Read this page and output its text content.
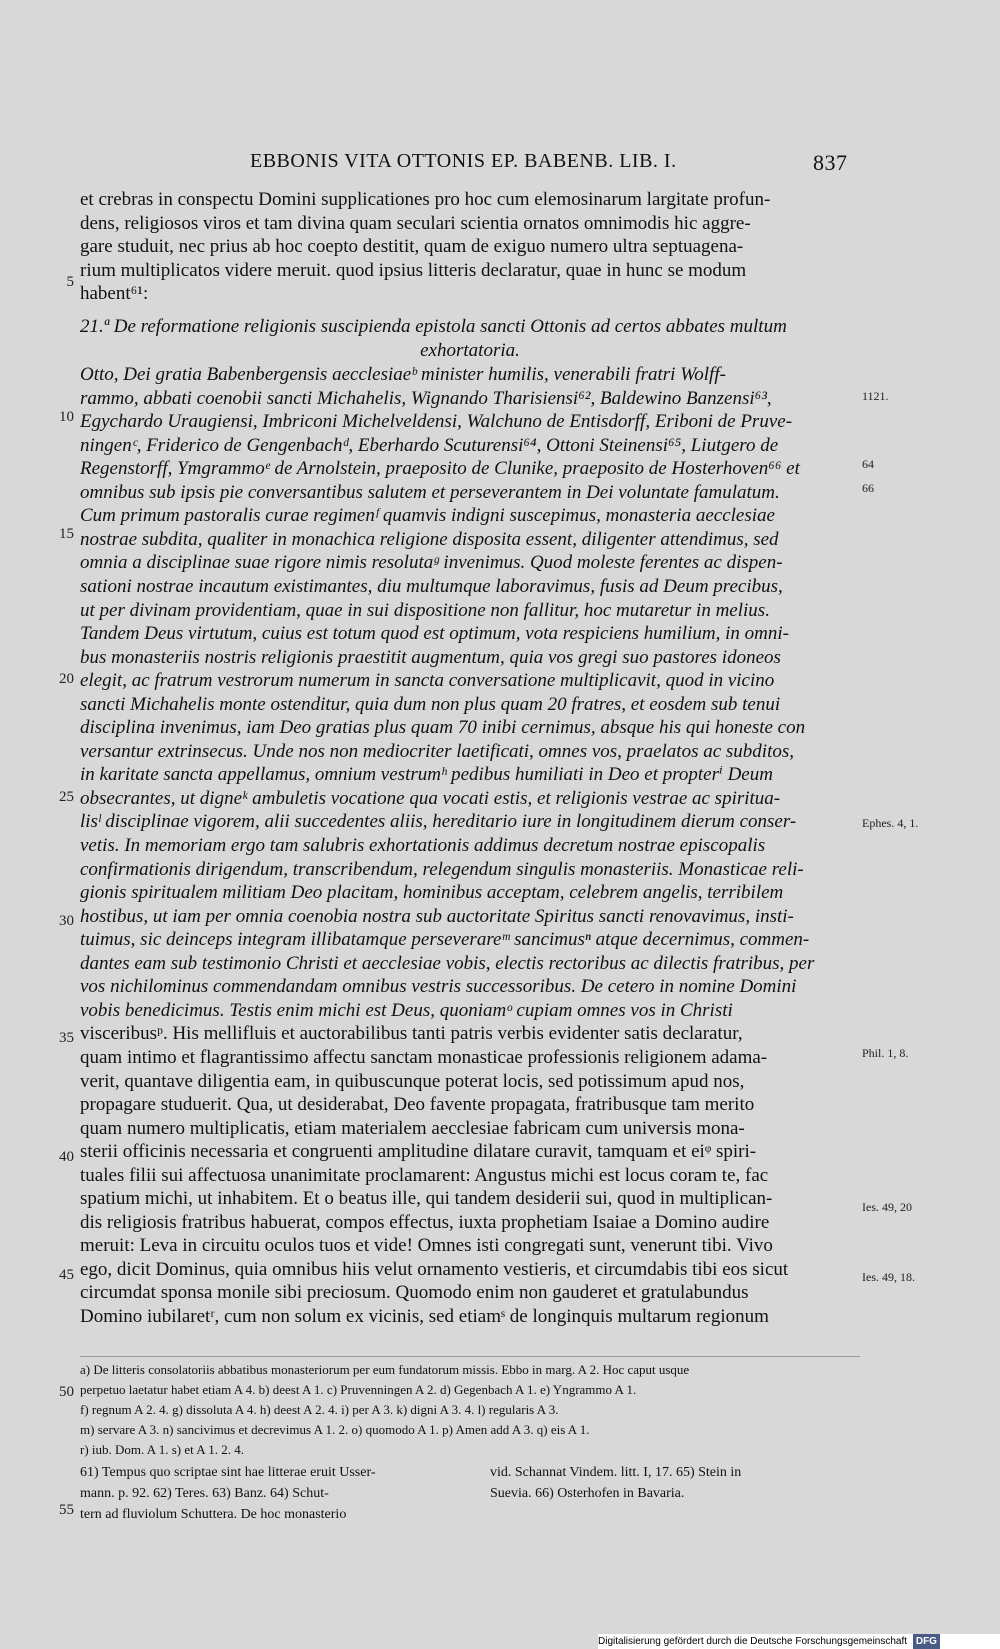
EBBONIS VITA OTTONIS EP. BABENB. LIB. I.	837
et crebras in conspectu Domini supplicationes pro hoc cum elemosinarum largitate profun-
dens, religiosos viros et tam divina quam seculari scientia ornatos omnimodis hic aggre-
gare studuit, nec prius ab hoc coepto destitit, quam de exiguo numero ultra septuagena-
rium multiplicatos videre meruit. quod ipsius litteris declaratur, quae in hunc se modum
habent⁶¹:
21.ª De reformatione religionis suscipienda epistola sancti Ottonis ad certos abbates multum
exhortatoria.
Otto, Dei gratia Babenbergensis aecclesiaeᵇ minister humilis, venerabili fratri Wolff-
rammo, abbati coenobii sancti Michahelis, Wignando Tharisiensi⁶², Baldewino Banzensi⁶³,
Egychardo Uraugiensi, Imbriconi Michelveldensi, Walchuno de Entisdorff, Eriboni de Pruve-
ningenᶜ, Friderico de Gengenbachᵈ, Eberhardo Scuturensi⁶⁴, Ottoni Steinensi⁶⁵, Liutgero de
Regenstorff, Ymgrammoᵉ de Arnolstein, praeposito de Clunike, praeposito de Hosterhoven⁶⁶ et
omnibus sub ipsis pie conversantibus salutem et perseverantem in Dei voluntate famulatum.
Cum primum pastoralis curae regimenᶠ quamvis indigni suscepimus, monasteria aecclesiae
nostrae subdita, qualiter in monachica religione disposita essent, diligenter attendimus, sed
omnia a disciplinae suae rigore nimis resolutaᵍ invenimus. Quod moleste ferentes ac dispen-
sationi nostrae incautum existimantes, diu multumque laboravimus, fusis ad Deum precibus,
ut per divinam providentiam, quae in sui dispositione non fallitur, hoc mutaretur in melius.
Tandem Deus virtutum, cuius est totum quod est optimum, vota respiciens humilium, in omni-
bus monasteriis nostris religionis praestitit augmentum, quia vos gregi suo pastores idoneos
elegit, ac fratrum vestrorum numerum in sancta conversatione multiplicavit, quod in vicino
sancti Michahelis monte ostenditur, quia dum non plus quam 20 fratres, et eosdem sub tenui
disciplina invenimus, iam Deo gratias plus quam 70 inibi cernimus, absque his qui honeste con
versantur extrinsecus. Unde nos non mediocriter laetificati, omnes vos, praelatos ac subditos,
in karitate sancta appellamus, omnium vestrumʰ pedibus humiliati in Deo et propterⁱ Deum
obsecrantes, ut digneᵏ ambuletis vocatione qua vocati estis, et religionis vestrae ac spiritua-
lisˡ disciplinae vigorem, alii succedentes aliis, hereditario iure in longitudinem dierum conser-
vetis. In memoriam ergo tam salubris exhortationis addimus decretum nostrae episcopalis
confirmationis dirigendum, transcribendum, relegendum singulis monasteriis. Monasticae reli-
gionis spiritualem militiam Deo placitam, hominibus acceptam, celebrem angelis, terribilem
hostibus, ut iam per omnia coenobia nostra sub auctoritate Spiritus sancti renovavimus, insti-
tuimus, sic deinceps integram illibatamque perseverareᵐ sancimusⁿ atque decernimus, commen-
dantes eam sub testimonio Christi et aecclesiae vobis, electis rectoribus ac dilectis fratribus, per
vos nichilominus commendandam omnibus vestris successoribus. De cetero in nomine Domini
vobis benedicimus. Testis enim michi est Deus, quoniamᵒ cupiam omnes vos in Christi
visceribusᵖ. His mellifluis et auctorabilibus tanti patris verbis evidenter satis declaratur,
quam intimo et flagrantissimo affectu sanctam monasticae professionis religionem adama-
verit, quantave diligentia eam, in quibuscunque poterat locis, sed potissimum apud nos,
propagare studuerit. Qua, ut desiderabat, Deo favente propagata, fratribusque tam merito
quam numero multiplicatis, etiam materialem aecclesiae fabricam cum universis mona-
sterii officinis necessaria et congruenti amplitudine dilatare curavit, tamquam et eiᵠ spiri-
tuales filii sui affectuosa unanimitate proclamarent: Angustus michi est locus coram te, fac
spatium michi, ut inhabitem. Et o beatus ille, qui tandem desiderii sui, quod in multiplican-
dis religiosis fratribus habuerat, compos effectus, iuxta prophetiam Isaiae a Domino audire
meruit: Leva in circuitu oculos tuos et vide! Omnes isti congregati sunt, venerunt tibi. Vivo
ego, dicit Dominus, quia omnibus hiis velut ornamento vestieris, et circumdabis tibi eos sicut
circumdat sponsa monile sibi preciosum. Quomodo enim non gauderet et gratulabundus
Domino iubilaretʳ, cum non solum ex vicinis, sed etiamˢ de longinquis multarum regionum
5
10
15
20
25
30
35
40
45
50
55
1121.
64
66
Ephes. 4, 1.
Phil. 1, 8.
Ies. 49, 20
Ies. 49, 18.
a) De litteris consolatoriis abbatibus monasteriorum per eum fundatorum missis. Ebbo in marg. A 2. Hoc caput usque
perpetuo laetatur habet etiam A 4. b) deest A 1. c) Pruvenningen A 2. d) Gegenbach A 1. e) Yngrammo A 1.
f) regnum A 2. 4. g) dissoluta A 4. h) deest A 2. 4. i) per A 3. k) digni A 3. 4. l) regularis A 3.
m) servare A 3. n) sancivimus et decrevimus A 1. 2. o) quomodo A 1. p) Amen add A 3. q) eis A 1.
r) iub. Dom. A 1. s) et A 1. 2. 4.
61) Tempus quo scriptae sint hae litterae eruit Usser-
mann. p. 92. 62) Teres. 63) Banz. 64) Schut-
tern ad fluviolum Schuttera. De hoc monasterio
vid. Schannat Vindem. litt. I, 17. 65) Stein in
Suevia. 66) Osterhofen in Bavaria.
Digitalisierung gefördert durch die Deutsche Forschungsgemeinschaft DFG
